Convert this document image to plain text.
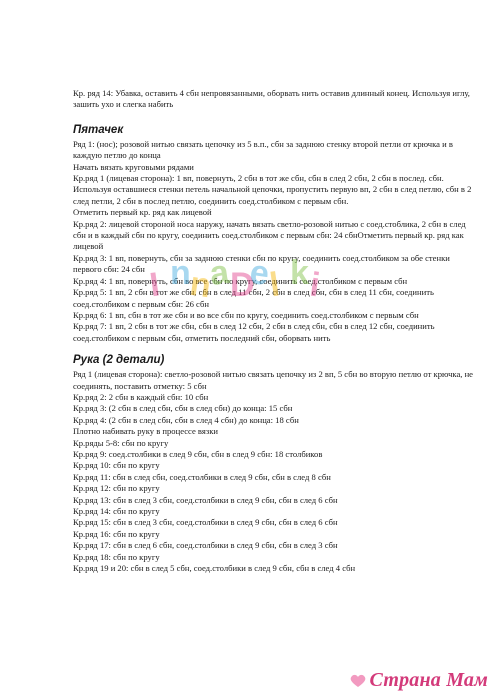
Кр. ряд 14: Убавка, оставить 4 сбн непровязанными, оборвать нить оставив длинный конец. Используя иглу, зашить ухо и слегка набить
Пятачек
Ряд 1: (нос); розовой нитью связать цепочку из 5 в.п., сбн за заднюю стенку второй петли от крючка и в каждую петлю до конца
Начать вязать круговыми рядами
Кр.ряд 1 (лицевая сторона): 1 вп, повернуть, 2 сбн в тот же сбн, сбн в след 2 сбн, 2 сбн в послед. сбн. Используя оставшиеся стенки петель начальной цепочки, пропустить первую вп, 2 сбн в след петлю, сбн в 2 след петли, 2 сбн в послед петлю, соединить соед.столбиком с первым сбн.
Отметить первый кр. ряд как лицевой
Кр.ряд 2: лицевой стороной носа наружу, начать вязать светло-розовой нитью с соед.стоблика, 2 сбн в след сбн и в каждый сбн по кругу, соединить соед.столбиком с первым сбн: 24 сбнОтметить первый кр. ряд как лицевой
Кр.ряд 3: 1 вп, повернуть, сбн за заднюю стенки сбн по кругу, соединить соед.столбиком за обе стенки первого сбн: 24 сбн
Кр.ряд 4: 1 вп, повернуть, сбн во все сбн по кругу, соединить соед.столбиком с первым сбн
Кр.ряд 5: 1 вп, 2 сбн в тот же сбн, сбн в след 11 сбн, 2 сбн в след сбн, сбн в след 11 сбн, соединить соед.столбиком с первым сбн: 26 сбн
Кр.ряд 6: 1 вп, сбн в тот же сбн и во все сбн по кругу, соединить соед.столбиком с первым сбн
Кр.ряд 7: 1 вп, 2 сбн в тот же сбн, сбн в след 12 сбн, 2 сбн в след сбн, сбн в след 12 сбн, соединить соед.столбиком с первым сбн, отметить последний сбн, оборвать нить
Рука (2 детали)
Ряд 1 (лицевая сторона): светло-розовой нитью связать цепочку из 2 вп, 5 сбн во вторую петлю от крючка, не соединять, поставить отметку: 5 сбн
Кр.ряд 2: 2 сбн в каждый сбн: 10 сбн
Кр.ряд 3: (2 сбн в след сбн, сбн в след сбн) до конца: 15 сбн
Кр.ряд 4: (2 сбн в след сбн, сбн в след 4 сбн) до конца: 18 сбн
Плотно набивать руку в процессе вязки
Кр.ряды 5-8: сбн по кругу
Кр.ряд 9: соед.столбики в след 9 сбн, сбн в след 9 сбн: 18 столбиков
Кр.ряд 10: сбн по кругу
Кр.ряд 11: сбн в след сбн, соед.столбики в след 9 сбн, сбн в след 8 сбн
Кр.ряд 12: сбн по кругу
Кр.ряд 13: сбн в след 3 сбн, соед.столбики в след 9 сбн, сбн в след 6 сбн
Кр.ряд 14: сбн по кругу
Кр.ряд 15: сбн в след 3 сбн, соед.столбики в след 9 сбн, сбн в след 6 сбн
Кр.ряд 16: сбн по кругу
Кр.ряд 17: сбн в след 6 сбн, соед.столбики в след 9 сбн, сбн в след 3 сбн
Кр.ряд 18: сбн по кругу
Кр.ряд 19 и 20: сбн в след 5 сбн, соед.столбики в след 9 сбн, сбн в след 4 сбн
I n
n
a
D
e
l k
i
Страна Мам
